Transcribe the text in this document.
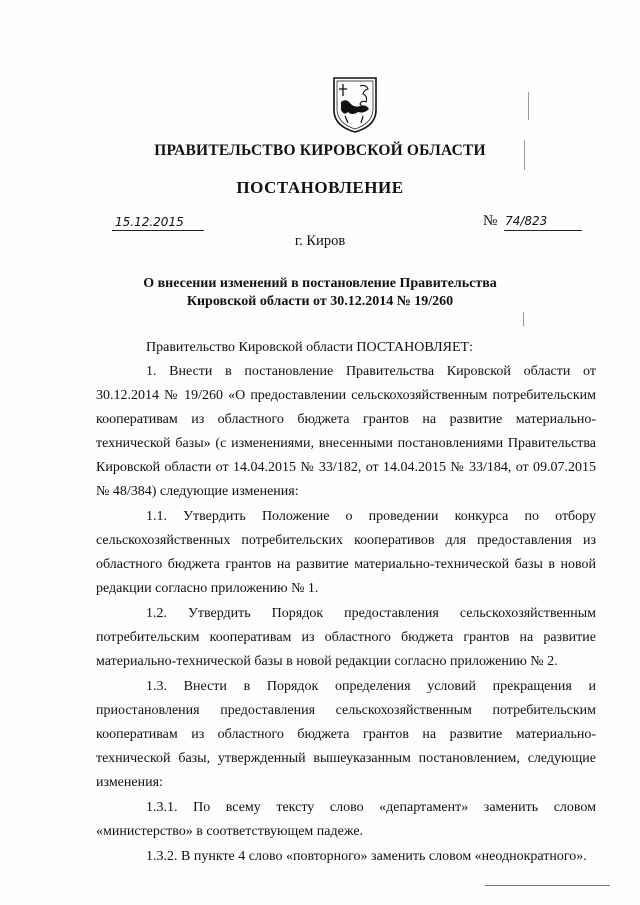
ПРАВИТЕЛЬСТВО КИРОВСКОЙ ОБЛАСТИ
ПОСТАНОВЛЕНИЕ
15.12.2015	№ 74/823
г. Киров
О внесении изменений в постановление Правительства
Кировской области от 30.12.2014 № 19/260

Правительство Кировской области ПОСТАНОВЛЯЕТ:

1. Внести в постановление Правительства Кировской области от 30.12.2014 № 19/260 «О предоставлении сельскохозяйственным потребительским кооперативам из областного бюджета грантов на развитие материально-технической базы» (с изменениями, внесенными постановлениями Правительства Кировской области от 14.04.2015 № 33/182, от 14.04.2015 № 33/184, от 09.07.2015 № 48/384) следующие изменения:

1.1. Утвердить Положение о проведении конкурса по отбору сельскохозяйственных потребительских кооперативов для предоставления из областного бюджета грантов на развитие материально-технической базы в новой редакции согласно приложению № 1.

1.2. Утвердить Порядок предоставления сельскохозяйственным потребительским кооперативам из областного бюджета грантов на развитие материально-технической базы в новой редакции согласно приложению № 2.

1.3. Внести в Порядок определения условий прекращения и приостановления предоставления сельскохозяйственным потребительским кооперативам из областного бюджета грантов на развитие материально-технической базы, утвержденный вышеуказанным постановлением, следующие изменения:

1.3.1. По всему тексту слово «департамент» заменить словом «министерство» в соответствующем падеже.

1.3.2. В пункте 4 слово «повторного» заменить словом «неоднократного».
